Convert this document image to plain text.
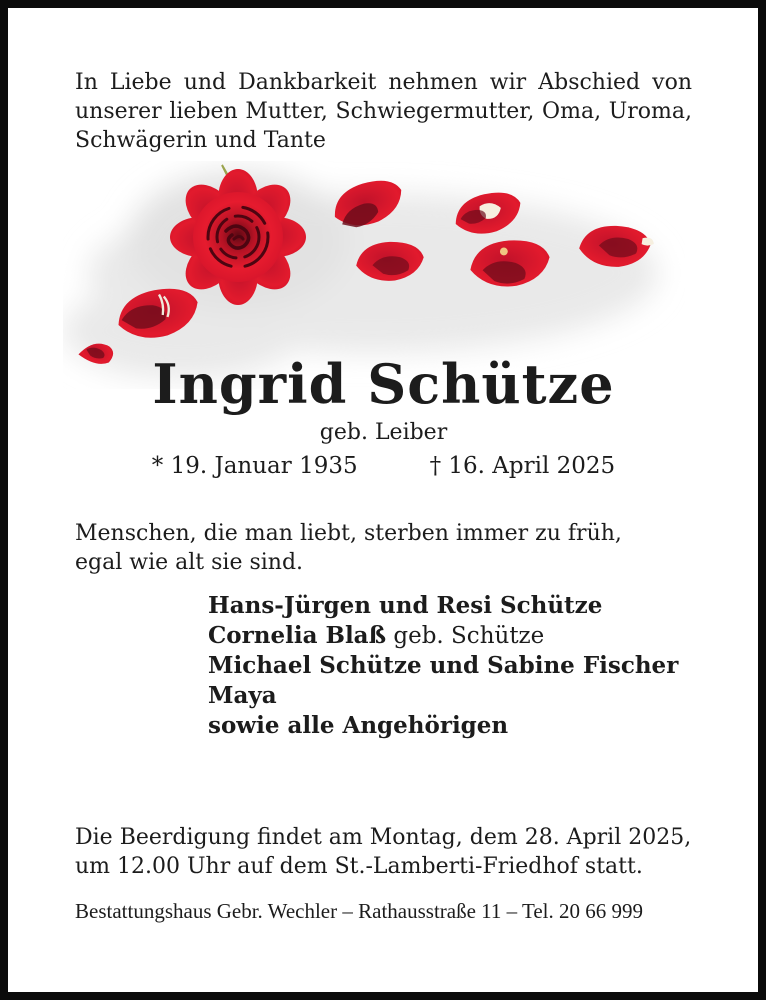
In Liebe und Dankbarkeit nehmen wir Abschied von
unserer lieben Mutter, Schwiegermutter, Oma, Uroma,
Schwägerin und Tante
Ingrid Schütze
geb. Leiber
* 19. Januar 1935	† 16. April 2025
Menschen, die man liebt, sterben immer zu früh,
egal wie alt sie sind.
Hans-Jürgen und Resi Schütze
Cornelia Blaß geb. Schütze
Michael Schütze und Sabine Fischer
Maya
sowie alle Angehörigen
Die Beerdigung findet am Montag, dem 28. April 2025,
um 12.00 Uhr auf dem St.-Lamberti-Friedhof statt.
Bestattungshaus Gebr. Wechler – Rathausstraße 11 – Tel. 20 66 999
